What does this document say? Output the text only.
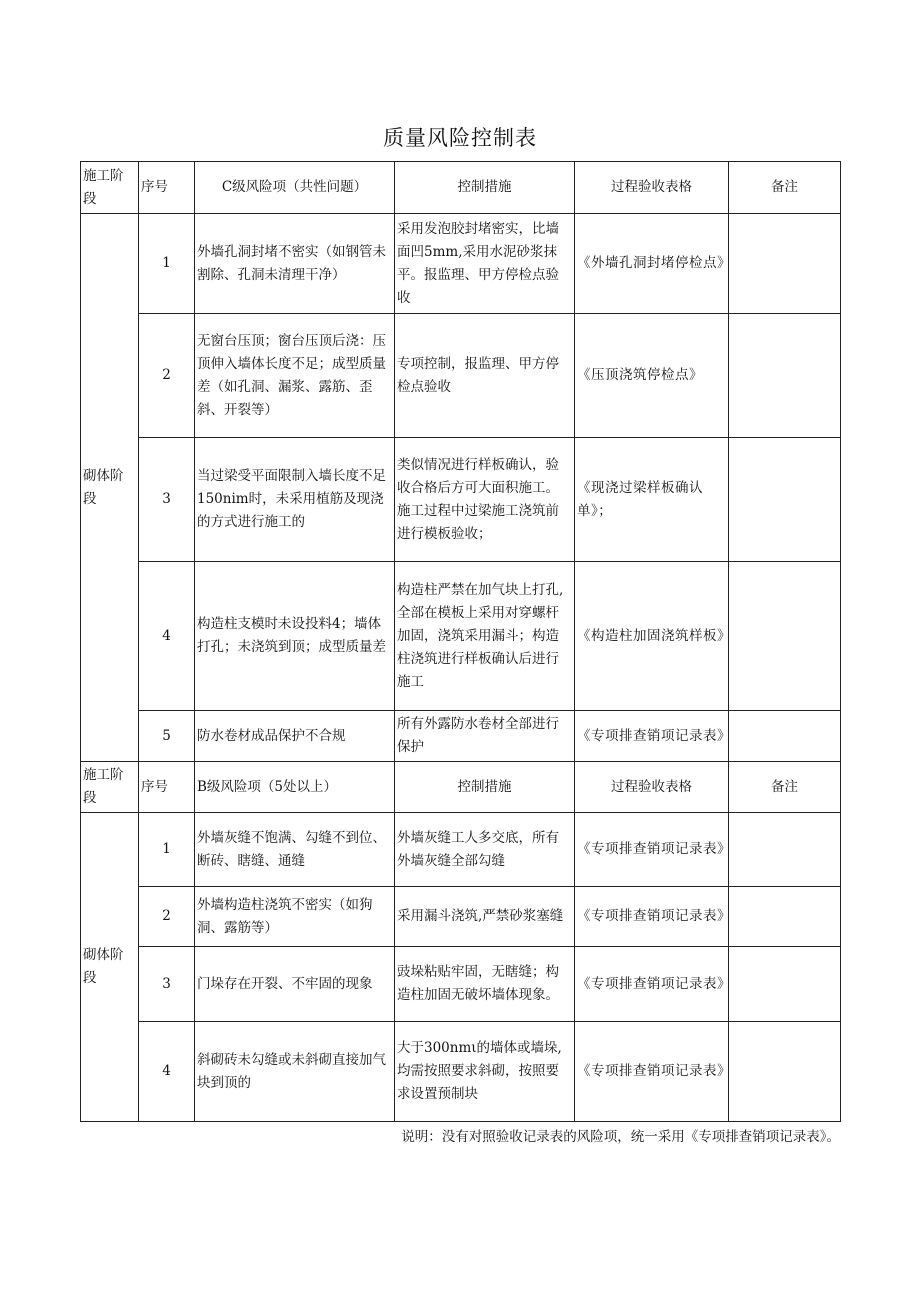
质量风险控制表
施工阶段	序号	C级风险项（共性问题）	控制措施	过程验收表格	备注
砌体阶段	1	外墙孔洞封堵不密实（如钢管未割除、孔洞未清理干净）	采用发泡胶封堵密实，比墙面凹5mm,采用水泥砂浆抹平。报监理、甲方停检点验收	《外墙孔洞封堵停检点》	
	2	无窗台压顶；窗台压顶后浇：压顶伸入墙体长度不足；成型质量差（如孔洞、漏浆、露筋、歪斜、开裂等）	专项控制，报监理、甲方停检点验收	《压顶浇筑停检点》	
	3	当过梁受平面限制入墙长度不足150nim时，未采用植筋及现浇的方式进行施工的	类似情况进行样板确认，验收合格后方可大面积施工。施工过程中过梁施工浇筑前进行模板验收；	《现浇过梁样板确认单》；	
	4	构造柱支模时未设投料4；墙体打孔；未浇筑到顶；成型质量差	构造柱严禁在加气块上打孔,全部在模板上采用对穿螺杆加固，浇筑采用漏斗；构造柱浇筑进行样板确认后进行施工	《构造柱加固浇筑样板》	
	5	防水卷材成品保护不合规	所有外露防水卷材全部进行保护	《专项排查销项记录表》	
施工阶段	序号	B级风险项（5处以上）	控制措施	过程验收表格	备注
砌体阶段	1	外墙灰缝不饱满、勾缝不到位、断砖、瞎缝、通缝	外墙灰缝工人多交底，所有外墙灰缝全部勾缝	《专项排查销项记录表》	
	2	外墙构造柱浇筑不密实（如狗洞、露筋等）	采用漏斗浇筑,严禁砂浆塞缝	《专项排查销项记录表》	
	3	门垛存在开裂、不牢固的现象	豉垛粘贴牢固，无瞎缝；构造柱加固无破坏墙体现象。	《专项排查销项记录表》	
	4	斜砌砖未勾缝或未斜砌直接加气块到顶的	大于300nmι的墙体或墙垛,均需按照要求斜砌，按照要求设置预制块	《专项排查销项记录表》	
说明：没有对照验收记录表的风险项，统一采用《专项排查销项记录表》。
